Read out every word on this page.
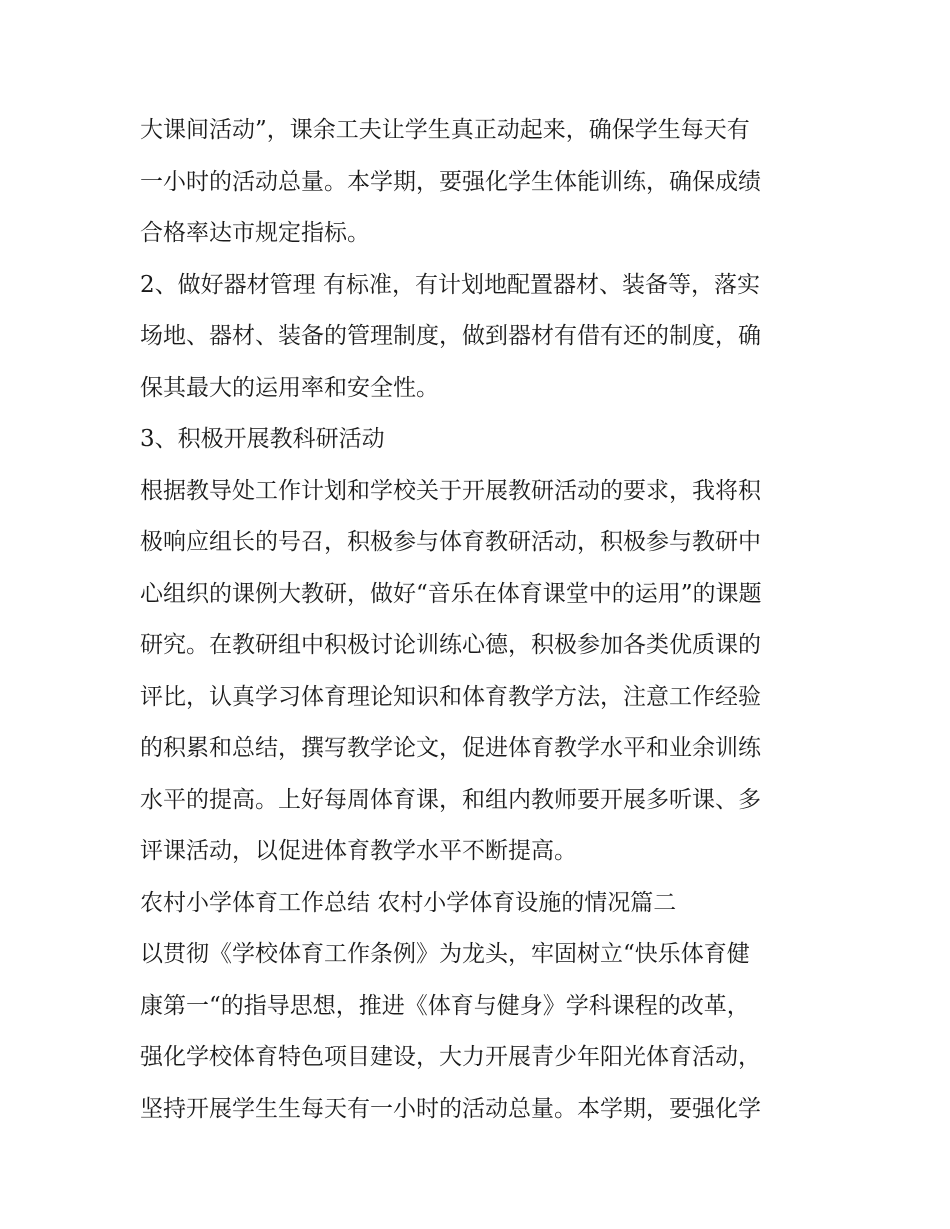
大课间活动”，课余工夫让学生真正动起来，确保学生每天有
一小时的活动总量。本学期，要强化学生体能训练，确保成绩
合格率达市规定指标。
2、做好器材管理 有标准，有计划地配置器材、装备等，落实
场地、器材、装备的管理制度，做到器材有借有还的制度，确
保其最大的运用率和安全性。
3、积极开展教科研活动
根据教导处工作计划和学校关于开展教研活动的要求，我将积
极响应组长的号召，积极参与体育教研活动，积极参与教研中
心组织的课例大教研，做好“音乐在体育课堂中的运用”的课题
研究。在教研组中积极讨论训练心德，积极参加各类优质课的
评比，认真学习体育理论知识和体育教学方法，注意工作经验
的积累和总结，撰写教学论文，促进体育教学水平和业余训练
水平的提高。上好每周体育课，和组内教师要开展多听课、多
评课活动，以促进体育教学水平不断提高。
农村小学体育工作总结 农村小学体育设施的情况篇二
以贯彻《学校体育工作条例》为龙头，牢固树立“快乐体育健
康第一“的指导思想，推进《体育与健身》学科课程的改革，
强化学校体育特色项目建设，大力开展青少年阳光体育活动，
坚持开展学生生每天有一小时的活动总量。本学期，要强化学
